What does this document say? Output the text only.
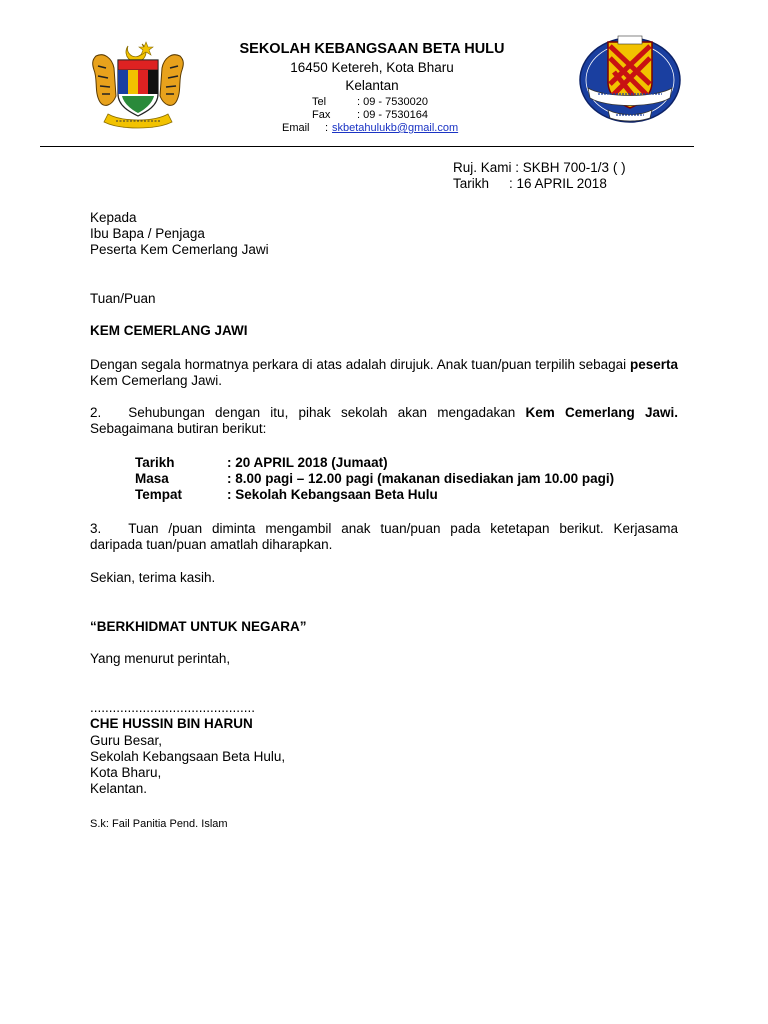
SEKOLAH KEBANGSAAN BETA HULU
16450 Ketereh, Kota Bharu
Kelantan
Tel	: 09 - 7530020
Fax : 09 - 7530164
Email : skbetahulukb@gmail.com
Ruj. Kami : SKBH 700-1/3 ( )
Tarikh : 16 APRIL 2018
Kepada
Ibu Bapa / Penjaga
Peserta Kem Cemerlang Jawi
Tuan/Puan
KEM CEMERLANG JAWI
Dengan segala hormatnya perkara di atas adalah dirujuk. Anak tuan/puan terpilih sebagai peserta Kem Cemerlang Jawi.
2. Sehubungan dengan itu, pihak sekolah akan mengadakan Kem Cemerlang Jawi. Sebagaimana butiran berikut:
Tarikh	: 20 APRIL 2018 (Jumaat)
Masa	: 8.00 pagi – 12.00 pagi (makanan disediakan jam 10.00 pagi)
Tempat	: Sekolah Kebangsaan Beta Hulu
3. Tuan /puan diminta mengambil anak tuan/puan pada ketetapan berikut. Kerjasama daripada tuan/puan amatlah diharapkan.
Sekian, terima kasih.
“BERKHIDMAT UNTUK NEGARA”
Yang menurut perintah,
............................................
CHE HUSSIN BIN HARUN
Guru Besar,
Sekolah Kebangsaan Beta Hulu,
Kota Bharu,
Kelantan.
S.k: Fail Panitia Pend. Islam
